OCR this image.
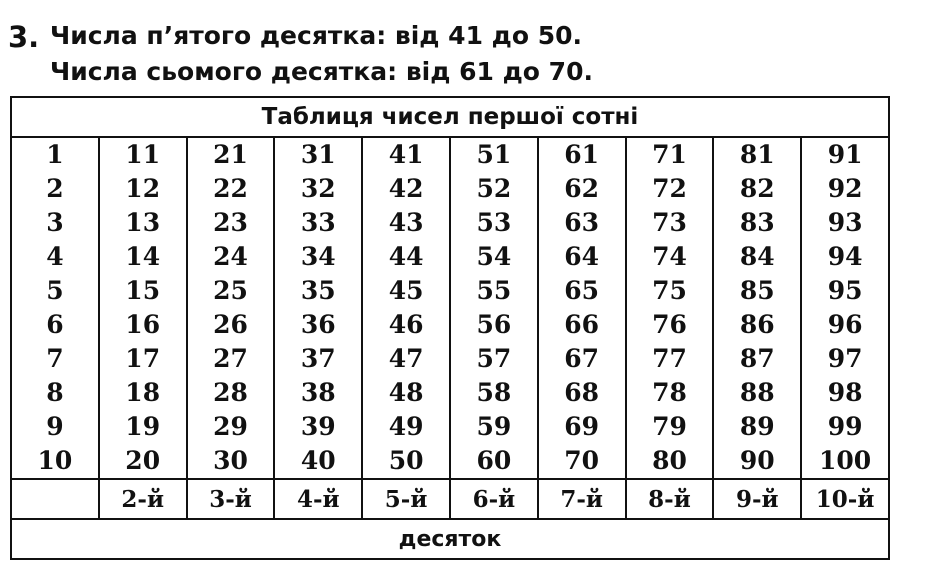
3. Числа п’ятого десятка: від 41 до 50.
Числа сьомого десятка: від 61 до 70.
Таблиця чисел першої сотні									
1	11	21	31	41	51	61	71	81	91
2	12	22	32	42	52	62	72	82	92
3	13	23	33	43	53	63	73	83	93
4	14	24	34	44	54	64	74	84	94
5	15	25	35	45	55	65	75	85	95
6	16	26	36	46	56	66	76	86	96
7	17	27	37	47	57	67	77	87	97
8	18	28	38	48	58	68	78	88	98
9	19	29	39	49	59	69	79	89	99
10	20	30	40	50	60	70	80	90	100
	2-й	3-й	4-й	5-й	6-й	7-й	8-й	9-й	10-й
десяток									
